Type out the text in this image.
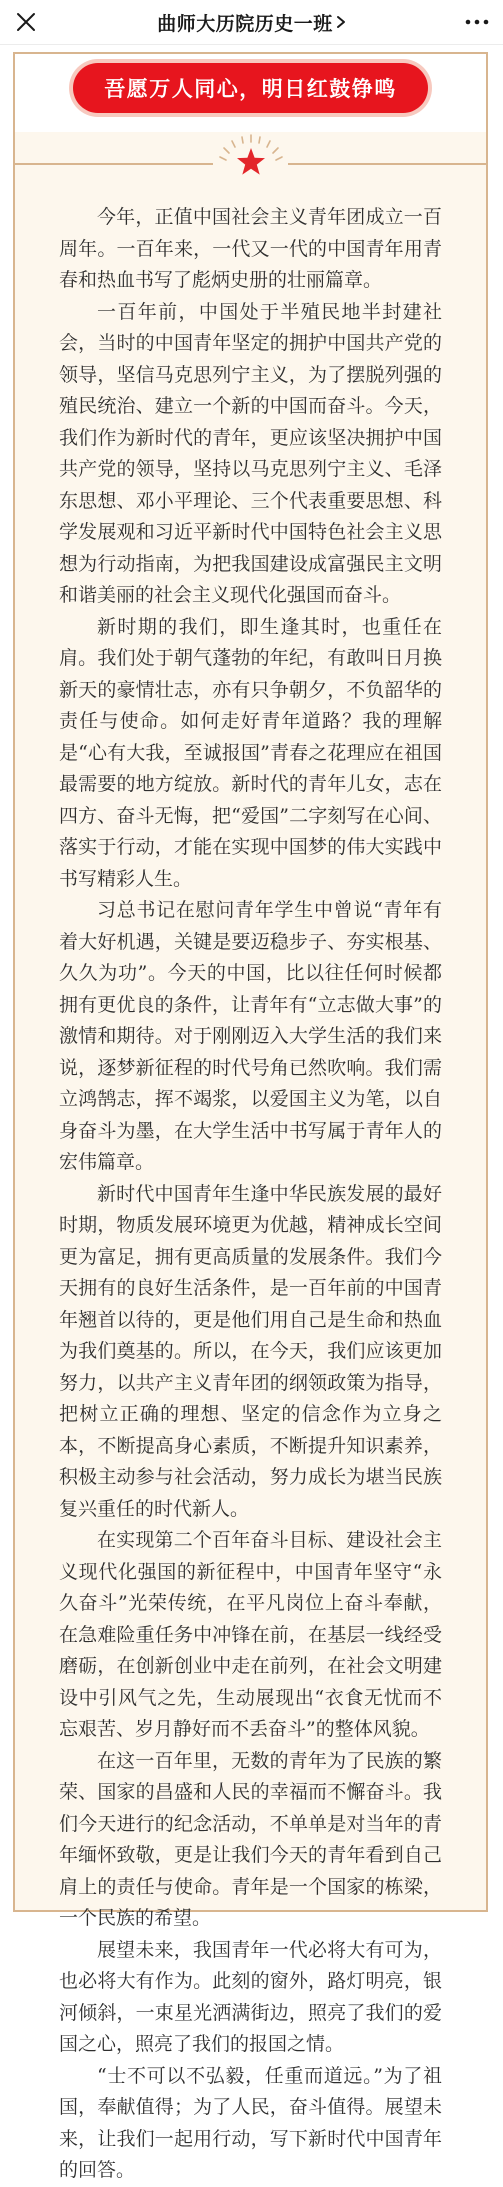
曲师大历院历史一班
吾愿万人同心，明日红鼓铮鸣

今年，正值中国社会主义青年团成立一百周年。一百年来，一代又一代的中国青年用青春和热血书写了彪炳史册的壮丽篇章。

一百年前，中国处于半殖民地半封建社会，当时的中国青年坚定的拥护中国共产党的领导，坚信马克思列宁主义，为了摆脱列强的殖民统治、建立一个新的中国而奋斗。今天，我们作为新时代的青年，更应该坚决拥护中国共产党的领导，坚持以马克思列宁主义、毛泽东思想、邓小平理论、三个代表重要思想、科学发展观和习近平新时代中国特色社会主义思想为行动指南，为把我国建设成富强民主文明和谐美丽的社会主义现代化强国而奋斗。

新时期的我们，即生逢其时，也重任在肩。我们处于朝气蓬勃的年纪，有敢叫日月换新天的豪情壮志，亦有只争朝夕，不负韶华的责任与使命。如何走好青年道路？我的理解是“心有大我，至诚报国”青春之花理应在祖国最需要的地方绽放。新时代的青年儿女，志在四方、奋斗无悔，把“爱国”二字刻写在心间、落实于行动，才能在实现中国梦的伟大实践中书写精彩人生。

习总书记在慰问青年学生中曾说“青年有着大好机遇，关键是要迈稳步子、夯实根基、久久为功”。今天的中国，比以往任何时候都拥有更优良的条件，让青年有“立志做大事”的激情和期待。对于刚刚迈入大学生活的我们来说，逐梦新征程的时代号角已然吹响。我们需立鸿鹄志，挥不竭浆，以爱国主义为笔，以自身奋斗为墨，在大学生活中书写属于青年人的宏伟篇章。

新时代中国青年生逢中华民族发展的最好时期，物质发展环境更为优越，精神成长空间更为富足，拥有更高质量的发展条件。我们今天拥有的良好生活条件，是一百年前的中国青年翘首以待的，更是他们用自己是生命和热血为我们奠基的。所以，在今天，我们应该更加努力，以共产主义青年团的纲领政策为指导，把树立正确的理想、坚定的信念作为立身之本，不断提高身心素质，不断提升知识素养，积极主动参与社会活动，努力成长为堪当民族复兴重任的时代新人。

在实现第二个百年奋斗目标、建设社会主义现代化强国的新征程中，中国青年坚守“永久奋斗”光荣传统，在平凡岗位上奋斗奉献，在急难险重任务中冲锋在前，在基层一线经受磨砺，在创新创业中走在前列，在社会文明建设中引风气之先，生动展现出“衣食无忧而不忘艰苦、岁月静好而不丢奋斗”的整体风貌。

在这一百年里，无数的青年为了民族的繁荣、国家的昌盛和人民的幸福而不懈奋斗。我们今天进行的纪念活动，不单单是对当年的青年缅怀致敬，更是让我们今天的青年看到自己肩上的责任与使命。青年是一个国家的栋梁，一个民族的希望。

展望未来，我国青年一代必将大有可为，也必将大有作为。此刻的窗外，路灯明亮，银河倾斜，一束星光洒满街边，照亮了我们的爱国之心，照亮了我们的报国之情。

“士不可以不弘毅，任重而道远。”为了祖国，奉献值得；为了人民，奋斗值得。展望未来，让我们一起用行动，写下新时代中国青年的回答。
